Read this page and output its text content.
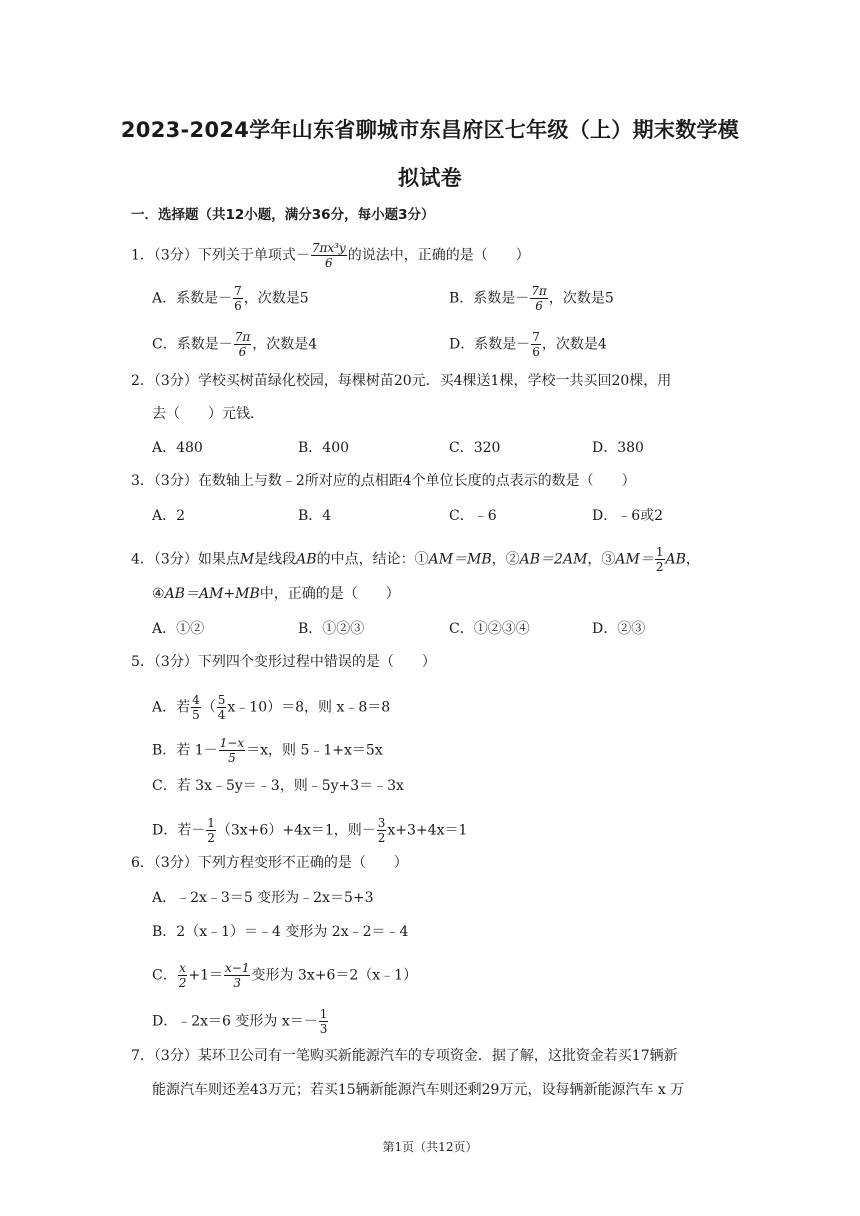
2023-2024学年山东省聊城市东昌府区七年级（上）期末数学模
拟试卷
一．选择题（共12小题，满分36分，每小题3分）
1．（3分）下列关于单项式－ $\frac{\text{7πx³y}}{6}$ 的说法中，正确的是（　　）
A．系数是－ $\frac{7}{6}$ ，次数是5	B．系数是－ $\frac{7\pi}{6}$ ，次数是5
C．系数是－ $\frac{7\pi}{6}$ ，次数是4	D．系数是－ $\frac{7}{6}$ ，次数是4
2．（3分）学校买树苗绿化校园，每棵树苗20元．买4棵送1棵，学校一共买回20棵，用
去（　　）元钱．
A．480	B．400	C．320	D．380
3．（3分）在数轴上与数﹣2所对应的点相距4个单位长度的点表示的数是（　　）
A．2	B．4	C．﹣6	D．﹣6或2
4．（3分）如果点M是线段AB的中点，结论：①AM＝MB，②AB＝2AM，③AM＝ $\frac{1}{2}$ AB，
④AB＝AM+MB中，正确的是（　　）
A．①②	B．①②③	C．①②③④	D．②③
5．（3分）下列四个变形过程中错误的是（　　）
A．若 $\frac{4}{5}$ （ $\frac{5}{4}$ x﹣10）＝8，则 x﹣8＝8
B．若 $1- \frac{1-x}{5} =x$，则 5﹣1+x＝5x
C．若 3x﹣5y＝﹣3，则﹣5y+3＝﹣3x
D．若－ $\frac{1}{2} (3x+6)+4x=1$，则－ $\frac{3}{2} x+3+4x=1$
6．（3分）下列方程变形不正确的是（　　）
A．﹣2x﹣3＝5 变形为﹣2x＝5+3
B．2（x﹣1）＝﹣4 变形为 2x﹣2＝﹣4
C． $\frac{x}{2} +1= \frac{x-1}{3}$ 变形为 3x+6＝2（x﹣1）
D．﹣2x＝6 变形为 $x=- \frac{1}{3}$
7．（3分）某环卫公司有一笔购买新能源汽车的专项资金．据了解，这批资金若买17辆新
能源汽车则还差43万元；若买15辆新能源汽车则还剩29万元，设每辆新能源汽车 x 万
第1页（共12页）
